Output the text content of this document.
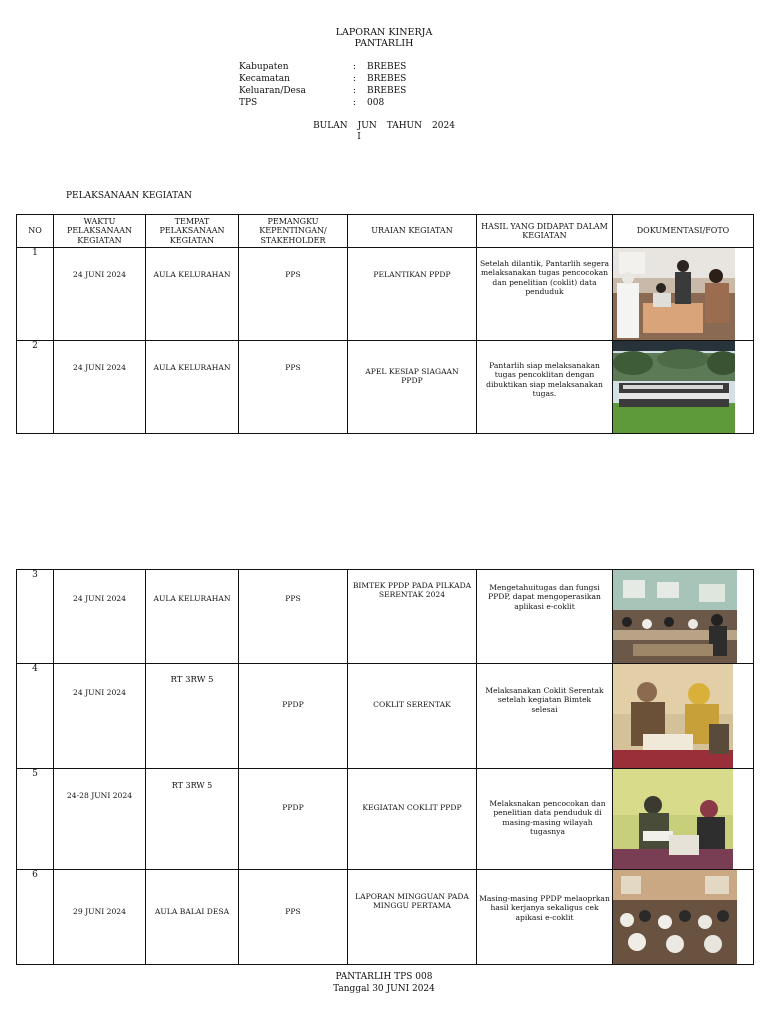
LAPORAN KINERJA
PANTARLIH
Kabupaten	:	BREBES
Kecamatan	:	BREBES
Keluaran/Desa	:	BREBES
TPS	:	008
BULAN JUN TAHUN 2024
I
PELAKSANAAN KEGIATAN
NO	WAKTU PELAKSANAAN KEGIATAN	TEMPAT PELAKSANAAN KEGIATAN	PEMANGKU KEPENTINGAN/ STAKEHOLDER	URAIAN KEGIATAN	HASIL YANG DIDAPAT DALAM KEGIATAN	DOKUMENTASI/FOTO
1	24 JUNI 2024	AULA KELURAHAN	PPS	PELANTIKAN PPDP	Setelah dilantik, Pantarlih segera melaksanakan tugas pencocokan dan penelitian (coklit) data penduduk	

2	24 JUNI 2024	AULA KELURAHAN	PPS	APEL KESIAP SIAGAAN PPDP	Pantarlih siap melaksanakan tugas pencoklitan dengan dibuktikan siap melaksanakan tugas.	
3	24 JUNI 2024	AULA KELURAHAN	PPS	BIMTEK PPDP PADA PILKADA SERENTAK 2024	Mengetahuitugas dan fungsi PPDP, dapat mengoperasikan aplikasi e-coklit	

4	24 JUNI 2024	RT 3RW 5	PPDP	COKLIT SERENTAK	Melaksanakan Coklit Serentak setelah kegiatan Bimtek selesai	

5	24-28 JUNI 2024	RT 3RW 5	PPDP	KEGIATAN COKLIT PPDP	Melaksnakan pencocokan dan penelitian data penduduk di masing-masing wilayah tugasnya	

6	29 JUNI 2024	AULA BALAI DESA	PPS	LAPORAN MINGGUAN PADA MINGGU PERTAMA	Masing-masing PPDP melaoprkan hasil kerjanya sekaligus cek apikasi e-coklit	
PANTARLIH TPS 008
Tanggal 30 JUNI 2024
